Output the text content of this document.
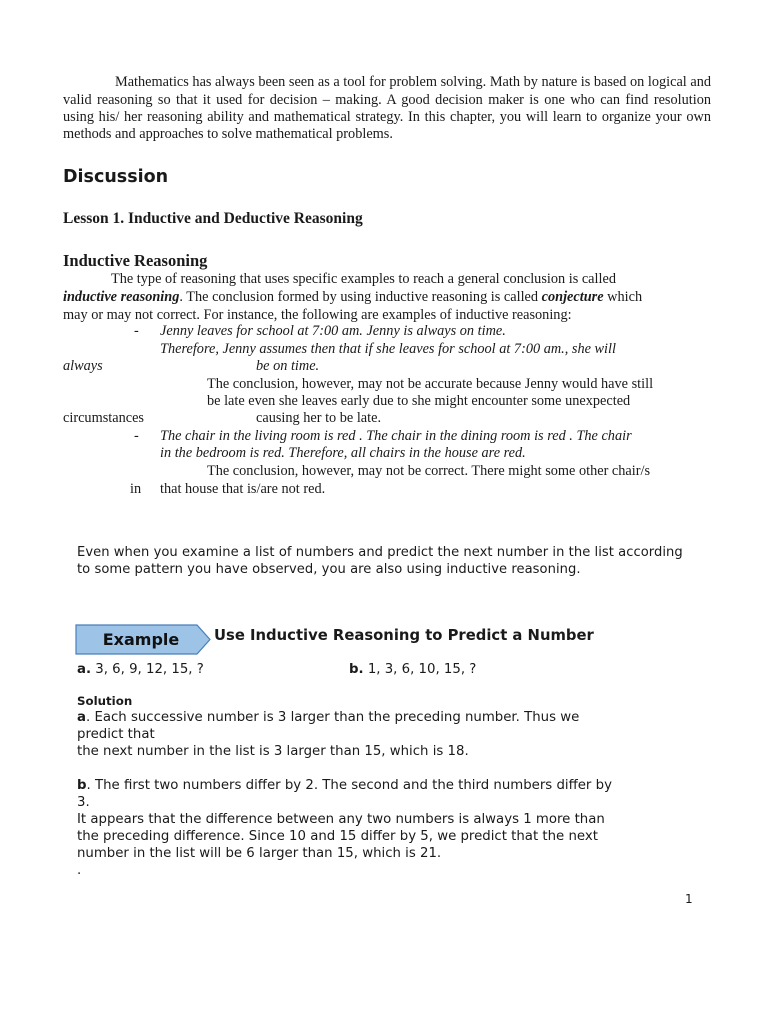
Mathematics has always been seen as a tool for problem solving. Math by nature is based on logical and valid reasoning so that it used for decision – making. A good decision maker is one who can find resolution using his/ her reasoning ability and mathematical strategy. In this chapter, you will learn to organize your own methods and approaches to solve mathematical problems.

Discussion
Lesson 1. Inductive and Deductive Reasoning
Inductive Reasoning

The type of reasoning that uses specific examples to reach a general conclusion is called

inductive reasoning. The conclusion formed by using inductive reasoning is called conjecture which

may or may not correct. For instance, the following are examples of inductive reasoning:

- Jenny leaves for school at 7:00 am. Jenny is always on time.

Therefore, Jenny assumes then that if she leaves for school at 7:00 am., she will

always	be on time.

The conclusion, however, may not be accurate because Jenny would have still

be late even she leaves early due to she might encounter some unexpected

circumstances	causing her to be late.

- The chair in the living room is red . The chair in the dining room is red . The chair

in the bedroom is red. Therefore, all chairs in the house are red.

The conclusion, however, may not be correct. There might some other chair/s

in that house that is/are not red.

Even when you examine a list of numbers and predict the next number in the list according to some pattern you have observed, you are also using inductive reasoning.

Example	Use Inductive Reasoning to Predict a Number

a. 3, 6, 9, 12, 15, ?	b. 1, 3, 6, 10, 15, ?

Solution

a. Each successive number is 3 larger than the preceding number. Thus we
predict that
the next number in the list is 3 larger than 15, which is 18.
b. The first two numbers differ by 2. The second and the third numbers differ by
3.
It appears that the difference between any two numbers is always 1 more than
the preceding difference. Since 10 and 15 differ by 5, we predict that the next
number in the list will be 6 larger than 15, which is 21.
.

1
